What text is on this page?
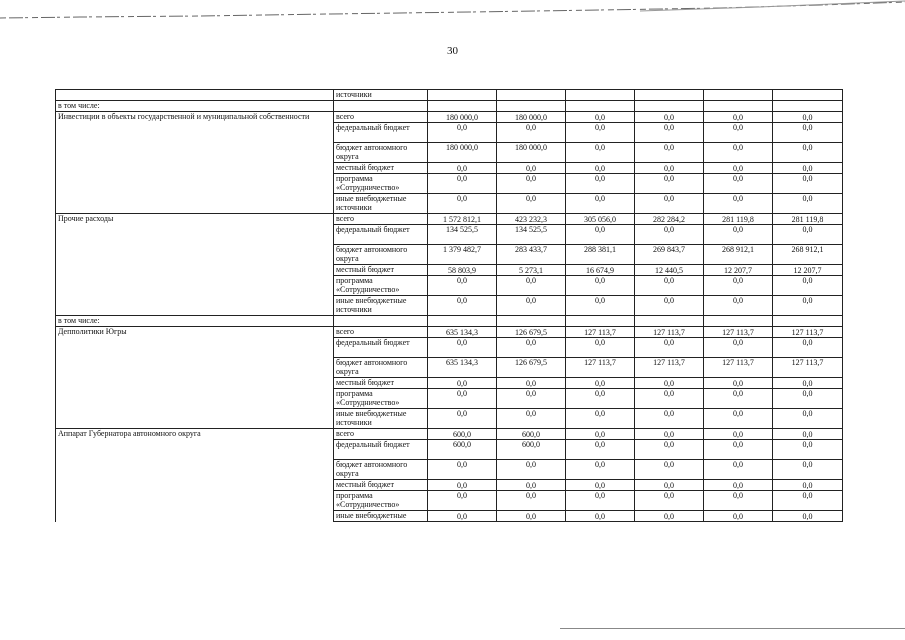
30
	источники						
в том числе:							
Инвестиции в объекты государственной и муниципальной собственности	всего	180 000,0	180 000,0	0,0	0,0	0,0	0,0
	федеральный бюджет	0,0	0,0	0,0	0,0	0,0	0,0
	бюджет автономного округа	180 000,0	180 000,0	0,0	0,0	0,0	0,0
	местный бюджет	0,0	0,0	0,0	0,0	0,0	0,0
	программа «Сотрудничество»	0,0	0,0	0,0	0,0	0,0	0,0
	иные внебюджетные источники	0,0	0,0	0,0	0,0	0,0	0,0
Прочие расходы	всего	1 572 812,1	423 232,3	305 056,0	282 284,2	281 119,8	281 119,8
	федеральный бюджет	134 525,5	134 525,5	0,0	0,0	0,0	0,0
	бюджет автономного округа	1 379 482,7	283 433,7	288 381,1	269 843,7	268 912,1	268 912,1
	местный бюджет	58 803,9	5 273,1	16 674,9	12 440,5	12 207,7	12 207,7
	программа «Сотрудничество»	0,0	0,0	0,0	0,0	0,0	0,0
	иные внебюджетные источники	0,0	0,0	0,0	0,0	0,0	0,0
в том числе:							
Депполитики Югры	всего	635 134,3	126 679,5	127 113,7	127 113,7	127 113,7	127 113,7
	федеральный бюджет	0,0	0,0	0,0	0,0	0,0	0,0
	бюджет автономного округа	635 134,3	126 679,5	127 113,7	127 113,7	127 113,7	127 113,7
	местный бюджет	0,0	0,0	0,0	0,0	0,0	0,0
	программа «Сотрудничество»	0,0	0,0	0,0	0,0	0,0	0,0
	иные внебюджетные источники	0,0	0,0	0,0	0,0	0,0	0,0
Аппарат Губернатора автономного округа	всего	600,0	600,0	0,0	0,0	0,0	0,0
	федеральный бюджет	600,0	600,0	0,0	0,0	0,0	0,0
	бюджет автономного округа	0,0	0,0	0,0	0,0	0,0	0,0
	местный бюджет	0,0	0,0	0,0	0,0	0,0	0,0
	программа «Сотрудничество»	0,0	0,0	0,0	0,0	0,0	0,0
	иные внебюджетные	0,0	0,0	0,0	0,0	0,0	0,0
